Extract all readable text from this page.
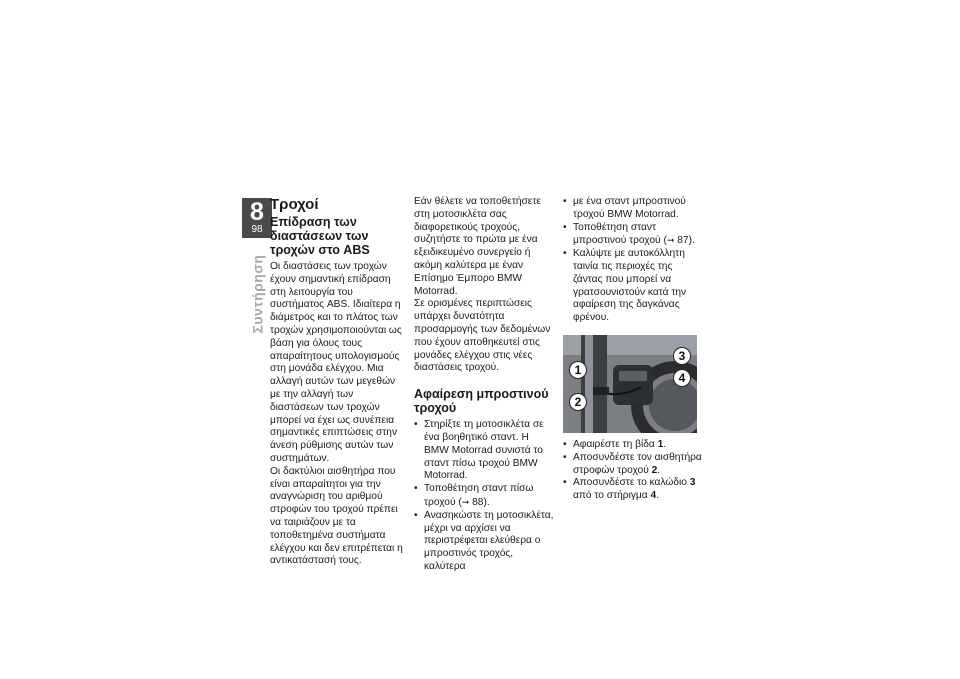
8
98
Συντήρηση
Τροχοί
Επίδραση των διαστάσεων των τροχών στο ABS
Οι διαστάσεις των τροχών έχουν σημαντική επίδραση στη λειτουργία του συστήματος ABS. Ιδιαίτερα η διάμετρος και το πλάτος των τροχών χρησιμοποιούνται ως βάση για όλους τους απαραίτητους υπολογισμούς στη μονάδα ελέγχου. Μια αλλαγή αυτών των μεγεθών με την αλλαγή των διαστάσεων των τροχών μπορεί να έχει ως συνέπεια σημαντικές επιπτώσεις στην άνεση ρύθμισης αυτών των συστημάτων.
Οι δακτύλιοι αισθητήρα που είναι απαραίτητοι για την αναγνώριση του αριθμού στροφών του τροχού πρέπει να ταιριάζουν με τα τοποθετημένα συστήματα ελέγχου και δεν επιτρέπεται η αντικατάστασή τους.
Εάν θέλετε να τοποθετήσετε στη μοτοσικλέτα σας διαφορετικούς τροχούς, συζητήστε το πρώτα με ένα εξειδικευμένο συνεργείο ή ακόμη καλύτερα με έναν Επίσημο Έμπορο BMW Motorrad.
Σε ορισμένες περιπτώσεις υπάρχει δυνατότητα προσαρμογής των δεδομένων που έχουν αποθηκευτεί στις μονάδες ελέγχου στις νέες διαστάσεις τροχού.
Αφαίρεση μπροστινού τροχού
• Στηρίξτε τη μοτοσικλέτα σε ένα βοηθητικό σταντ. Η BMW Motorrad συνιστά το σταντ πίσω τροχού BMW Motorrad.
• Τοποθέτηση σταντ πίσω τροχού (➞ 88).
• Ανασηκώστε τη μοτοσικλέτα, μέχρι να αρχίσει να περιστρέφεται ελεύθερα ο μπροστινός τροχός, καλύτερα
• με ένα σταντ μπροστινού τροχού BMW Motorrad.
• Τοποθέτηση σταντ μπροστινού τροχού (➞ 87).
• Καλύψτε με αυτοκόλλητη ταινία τις περιοχές της ζάντας που μπορεί να γρατσουνιστούν κατά την αφαίρεση της δαγκάνας φρένου.
1
2
3
4
• Αφαιρέστε τη βίδα 1.
• Αποσυνδέστε τον αισθητήρα στροφών τροχού 2.
• Αποσυνδέστε το καλώδιο 3 από το στήριγμα 4.
